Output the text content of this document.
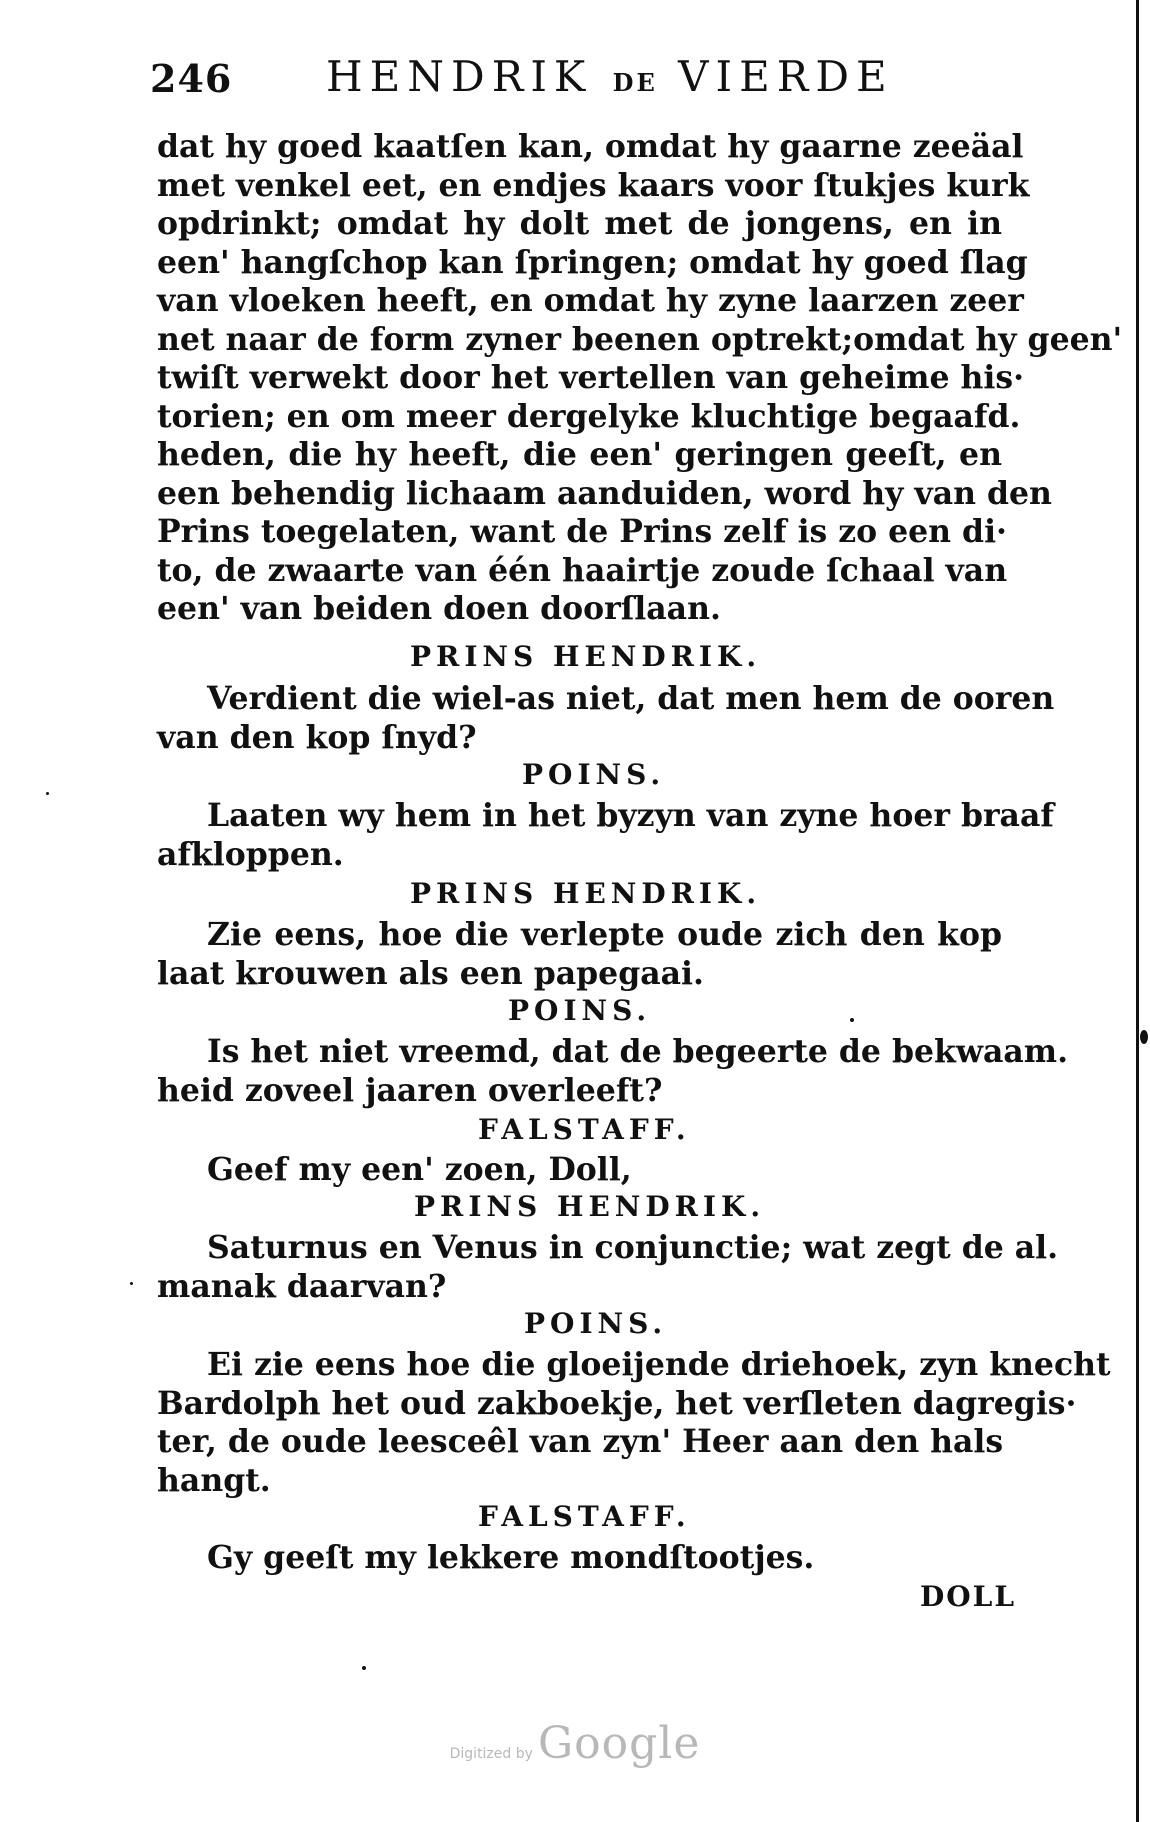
246 HENDRIK DE VIERDE
dat hy goed kaatſen kan, omdat hy gaarne zeeäal
met venkel eet, en endjes kaars voor ſtukjes kurk
opdrinkt; omdat hy dolt met de jongens, en in
een' hangſchop kan ſpringen; omdat hy goed ſlag
van vloeken heeft, en omdat hy zyne laarzen zeer
net naar de form zyner beenen optrekt;omdat hy geen'
twiſt verwekt door het vertellen van geheime his·
torien; en om meer dergelyke kluchtige begaafd.
heden, die hy heeft, die een' geringen geeſt, en
een behendig lichaam aanduiden, word hy van den
Prins toegelaten, want de Prins zelf is zo een di·
to, de zwaarte van één haairtje zoude ſchaal van
een' van beiden doen doorſlaan.
PRINS HENDRIK.
Verdient die wiel-as niet, dat men hem de ooren
van den kop ſnyd?
POINS.
Laaten wy hem in het byzyn van zyne hoer braaf
afkloppen.
PRINS HENDRIK.
Zie eens, hoe die verlepte oude zich den kop
laat krouwen als een papegaai.
POINS.
Is het niet vreemd, dat de begeerte de bekwaam.
heid zoveel jaaren overleeft?
FALSTAFF.
Geef my een' zoen, Doll,
PRINS HENDRIK.
Saturnus en Venus in conjunctie; wat zegt de al.
manak daarvan?
POINS.
Ei zie eens hoe die gloeijende driehoek, zyn knecht
Bardolph het oud zakboekje, het verſleten dagregis·
ter, de oude leesceêl van zyn' Heer aan den hals
hangt.
FALSTAFF.
Gy geeſt my lekkere mondſtootjes.
DOLL
Digitized by Google
